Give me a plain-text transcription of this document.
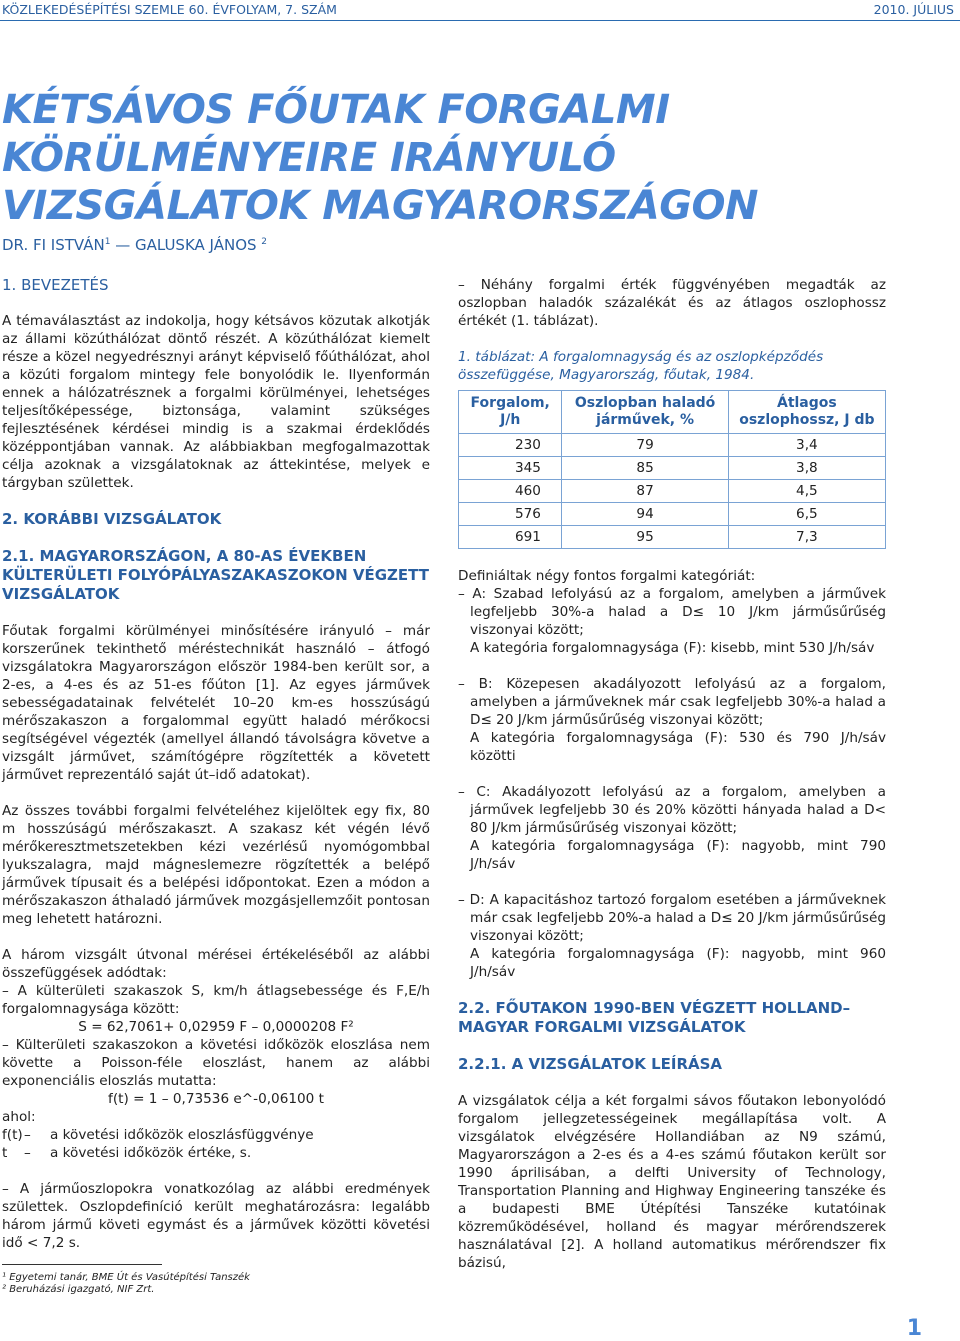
KÖZLEKEDÉSÉPÍTÉSI SZEMLE 60. ÉVFOLYAM, 7. SZÁM	2010. JÚLIUS
KÉTSÁVOS FŐUTAK FORGALMI
KÖRÜLMÉNYEIRE IRÁNYULÓ
VIZSGÁLATOK MAGYARORSZÁGON
DR. FI ISTVÁN$^1$ — GALUSKA JÁNOS $^2$
1. BEVEZETÉS

A témaválasztást az indokolja, hogy kétsávos közutak alkotják az állami közúthálózat döntő részét. A közúthálózat kiemelt része a közel negyedrésznyi arányt képviselő főúthálózat, ahol a közúti forgalom mintegy fele bonyolódik le. Ilyenformán ennek a hálózatrésznek a forgalmi körülményei, lehetséges teljesítőképessége, biztonsága, valamint szükséges fejlesztésének kérdései mindig is a szakmai érdeklődés középpontjában vannak. Az alábbiakban megfogalmazottak célja azoknak a vizsgálatoknak az áttekintése, melyek e tárgyban születtek.

2. KORÁBBI VIZSGÁLATOK
2.1. MAGYARORSZÁGON, A 80-AS ÉVEKBEN KÜLTERÜLETI FOLYÓPÁLYASZAKASZOKON VÉGZETT VIZSGÁLATOK

Főutak forgalmi körülményei minősítésére irányuló – már korszerűnek tekinthető méréstechnikát használó – átfogó vizsgálatokra Magyarországon először 1984-ben került sor, a 2-es, a 4-es és az 51-es főúton [1]. Az egyes járművek sebességadatainak felvételét 10–20 km-es hosszúságú mérőszakaszon a forgalommal együtt haladó mérőkocsi segítségével végezték (amellyel állandó távolságra követve a vizsgált járművet, számítógépre rögzítették a követett járművet reprezentáló saját út–idő adatokat).

Az összes további forgalmi felvételéhez kijelöltek egy fix, 80 m hosszúságú mérőszakaszt. A szakasz két végén lévő mérőkeresztmetszetekben kézi vezérlésű nyomógombbal lyukszalagra, majd mágneslemezre rögzítették a belépő járművek típusait és a belépési időpontokat. Ezen a módon a mérőszakaszon áthaladó járművek mozgásjellemzőit pontosan meg lehetett határozni.

A három vizsgált útvonal mérései értékeléséből az alábbi összefüggések adódtak:

– A külterületi szakaszok S, km/h átlagsebessége és F,E/h forgalomnagysága között:

S = 62,7061+ 0,02959 F – 0,0000208 F²

– Külterületi szakaszokon a követési időközök eloszlása nem követte a Poisson-féle eloszlást, hanem az alábbi exponenciális eloszlás mutatta:

f(t) = 1 – 0,73536 e^-0,06100 t

ahol:

f(t) –	a követési időközök eloszlásfüggvénye
t	–	a követési időközök értéke, s.

– A járműoszlopokra vonatkozólag az alábbi eredmények születtek. Oszlopdefiníció került meghatározásra: legalább három jármű követi egymást és a járművek közötti követési idő < 7,2 s.

– Néhány forgalmi érték függvényében megadták az oszlopban haladók százalékát és az átlagos oszlophossz értékét (1. táblázat).

1. táblázat: A forgalomnagyság és az oszlopképződés összefüggése, Magyarország, főutak, 1984.

Forgalom, J/h	Oszlopban haladó járművek, %	Átlagos oszlophossz, J db
230	79	3,4
345	85	3,8
460	87	4,5
576	94	6,5
691	95	7,3

Definiáltak négy fontos forgalmi kategóriát:

– A: Szabad lefolyású az a forgalom, amelyben a járművek legfeljebb 30%-a halad a D≤ 10 J/km járműsűrűség viszonyai között;

A kategória forgalomnagysága (F): kisebb, mint 530 J/h/sáv

– B: Közepesen akadályozott lefolyású az a forgalom, amelyben a járműveknek már csak legfeljebb 30%-a halad a D≤ 20 J/km járműsűrűség viszonyai között;

A kategória forgalomnagysága (F): 530 és 790 J/h/sáv közötti

– C: Akadályozott lefolyású az a forgalom, amelyben a járművek legfeljebb 30 és 20% közötti hányada halad a D< 80 J/km járműsűrűség viszonyai között;

A kategória forgalomnagysága (F): nagyobb, mint 790 J/h/sáv

– D: A kapacitáshoz tartozó forgalom esetében a járműveknek már csak legfeljebb 20%-a halad a D≤ 20 J/km járműsűrűség viszonyai között;

A kategória forgalomnagysága (F): nagyobb, mint 960 J/h/sáv

2.2. FŐUTAKON 1990-BEN VÉGZETT HOLLAND–MAGYAR FORGALMI VIZSGÁLATOK
2.2.1. A VIZSGÁLATOK LEÍRÁSA

A vizsgálatok célja a két forgalmi sávos főutakon lebonyolódó forgalom jellegzetességeinek megállapítása volt. A vizsgálatok elvégzésére Hollandiában az N9 számú, Magyarországon a 2-es és a 4-es számú főutakon került sor 1990 áprilisában, a delfti University of Technology, Transportation Planning and Highway Engineering tanszéke és a budapesti BME Útépítési Tanszéke kutatóinak közreműködésével, holland és magyar mérőrendszerek használatával [2]. A holland automatikus mérőrendszer fix bázisú,

¹ Egyetemi tanár, BME Út és Vasútépítési Tanszék
² Beruházási igazgató, NIF Zrt.
1
